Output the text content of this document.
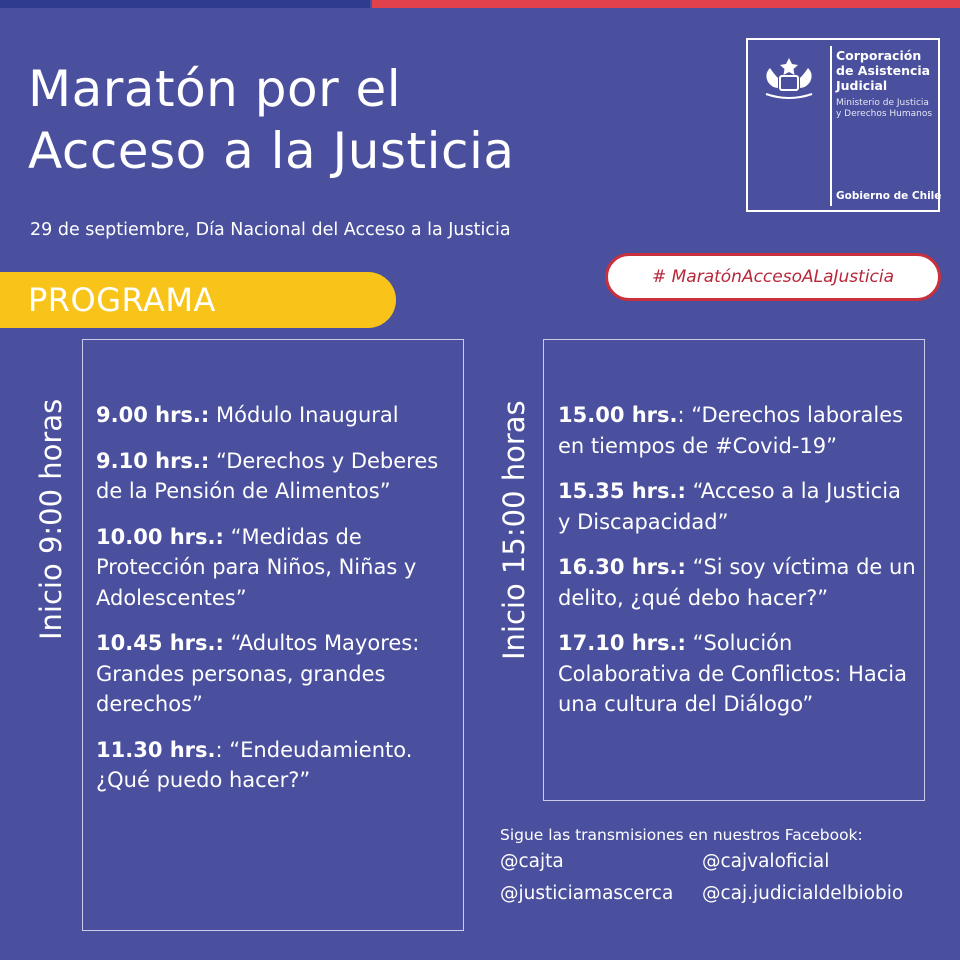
Maratón por el
Acceso a la Justicia
29 de septiembre, Día Nacional del Acceso a la Justicia
Corporación
de Asistencia
Judicial
Ministerio de Justicia
y Derechos Humanos
Gobierno de Chile
# MaratónAccesoALaJusticia
PROGRAMA
Inicio 9:00 horas 9.00 hrs.: Módulo Inaugural
9.10 hrs.: “Derechos y Deberes de la Pensión de Alimentos”
10.00 hrs.: “Medidas de Protección para Niños, Niñas y Adolescentes”
10.45 hrs.: “Adultos Mayores: Grandes personas, grandes derechos”
11.30 hrs.: “Endeudamiento. ¿Qué puedo hacer?”
Inicio 15:00 horas 15.00 hrs.: “Derechos laborales en tiempos de #Covid-19”
15.35 hrs.: “Acceso a la Justicia y Discapacidad”
16.30 hrs.: “Si soy víctima de un delito, ¿qué debo hacer?”
17.10 hrs.: “Solución Colaborativa de Conflictos: Hacia una cultura del Diálogo”
Sigue las transmisiones en nuestros Facebook:
@cajta	@cajvaloficial
@justiciamascerca	@caj.judicialdelbiobio
